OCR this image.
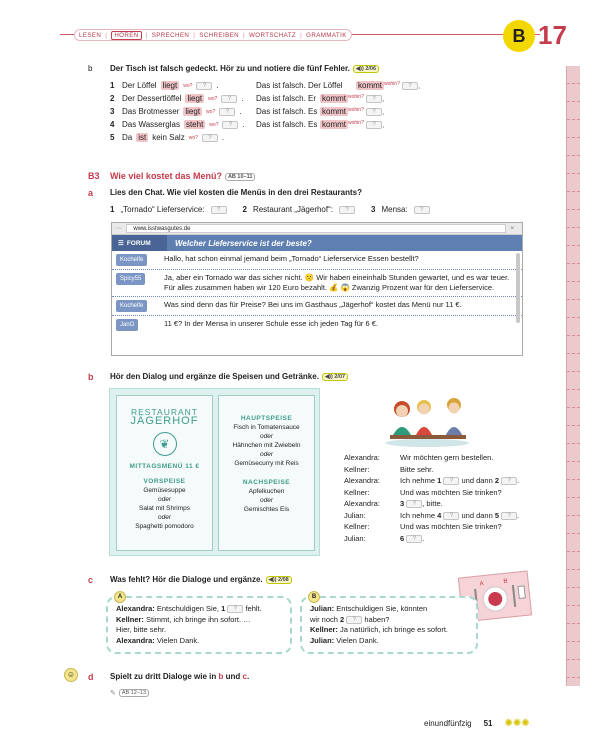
LESEN |	HÖREN	| SPRECHEN | SCHREIBEN | WORTSCHATZ | GRAMMATIK	B 17
b Der Tisch ist falsch gedeckt. Hör zu und notiere die fünf Fehler. ◀)) 2/06
1 Der Löffel liegt	wo?	?	.	Das ist falsch. Der Löffel kommt $^{wohin?}$ ? .
2 Der Dessertlöffel liegt	wo?	?	. Das ist falsch. Er kommt $^{wohin?}$ ? .
3 Das Brotmesser liegt	wo?	?	. Das ist falsch. Es kommt $^{wohin?}$ ? .
4 Das Wasserglas steht	wo?	?	. Das ist falsch. Es kommt $^{wohin?}$ ? .
5 Da ist kein Salz wo?	?	.
B3 Wie viel kostet das Menü? AB 10–11
a Lies den Chat. Wie viel kosten die Menüs in den drei Restaurants?
1 „Tornado“ Lieferservice:	?	2 Restaurant „Jägerhof“:	?	3 Mensa:	?
◦◦◦	www.isstwasgutes.de	×
☰ FORUM	Welcher Lieferservice ist der beste?
Kochelfe	Hallo, hat schon einmal jemand beim „Tornado“ Lieferservice Essen bestellt?
Spicy55	Ja, aber ein Tornado war das sicher nicht. 🙁 Wir haben eineinhalb Stunden gewartet, und es war teuer. Für alles zusammen haben wir 120 Euro bezahlt. 💰 😱 Zwanzig Prozent war für den Lieferservice.
Kochelfe	Was sind denn das für Preise? Bei uns im Gasthaus „Jägerhof“ kostet das Menü nur 11 €.
JanO	11 €? In der Mensa in unserer Schule esse ich jeden Tag für 6 €.
b Hör den Dialog und ergänze die Speisen und Getränke. ◀)) 2/07
RESTAURANT
JÄGERHOF
❦
MITTAGSMENÜ 11 €
VORSPEISE
Gemüsesuppe
oder
Salat mit Shrimps
oder
Spaghetti pomodoro
HAUPTSPEISE
Fisch in Tomatensauce
oder
Hähnchen mit Zwiebeln
oder
Gemüsecurry mit Reis
NACHSPEISE
Apfelkuchen
oder
Gemischtes Eis
Alexandra:	Wir möchten gern bestellen.
Kellner:	Bitte sehr.
Alexandra:	Ich nehme 1 ? und dann 2 ? .
Kellner:	Und was möchten Sie trinken?
Alexandra:	3 ? , bitte.
Julian:	Ich nehme 4 ? und dann 5 ? .
Kellner:	Und was möchten Sie trinken?
Julian:	6 ? .
c Was fehlt? Hör die Dialoge und ergänze. ◀)) 2/08
A	B
A
Alexandra: Entschuldigen Sie, 1 ? fehlt.
Kellner: Stimmt, ich bringe ihn sofort. …
Hier, bitte sehr.
Alexandra: Vielen Dank.
B
Julian: Entschuldigen Sie, könnten
wir noch 2 ? haben?
Kellner: Ja natürlich, ich bringe es sofort.
Julian: Vielen Dank.
☺	d Spielt zu dritt Dialoge wie in b und c.
✎ AB 12–13
einundfünfzig 51 ✺✺✺
